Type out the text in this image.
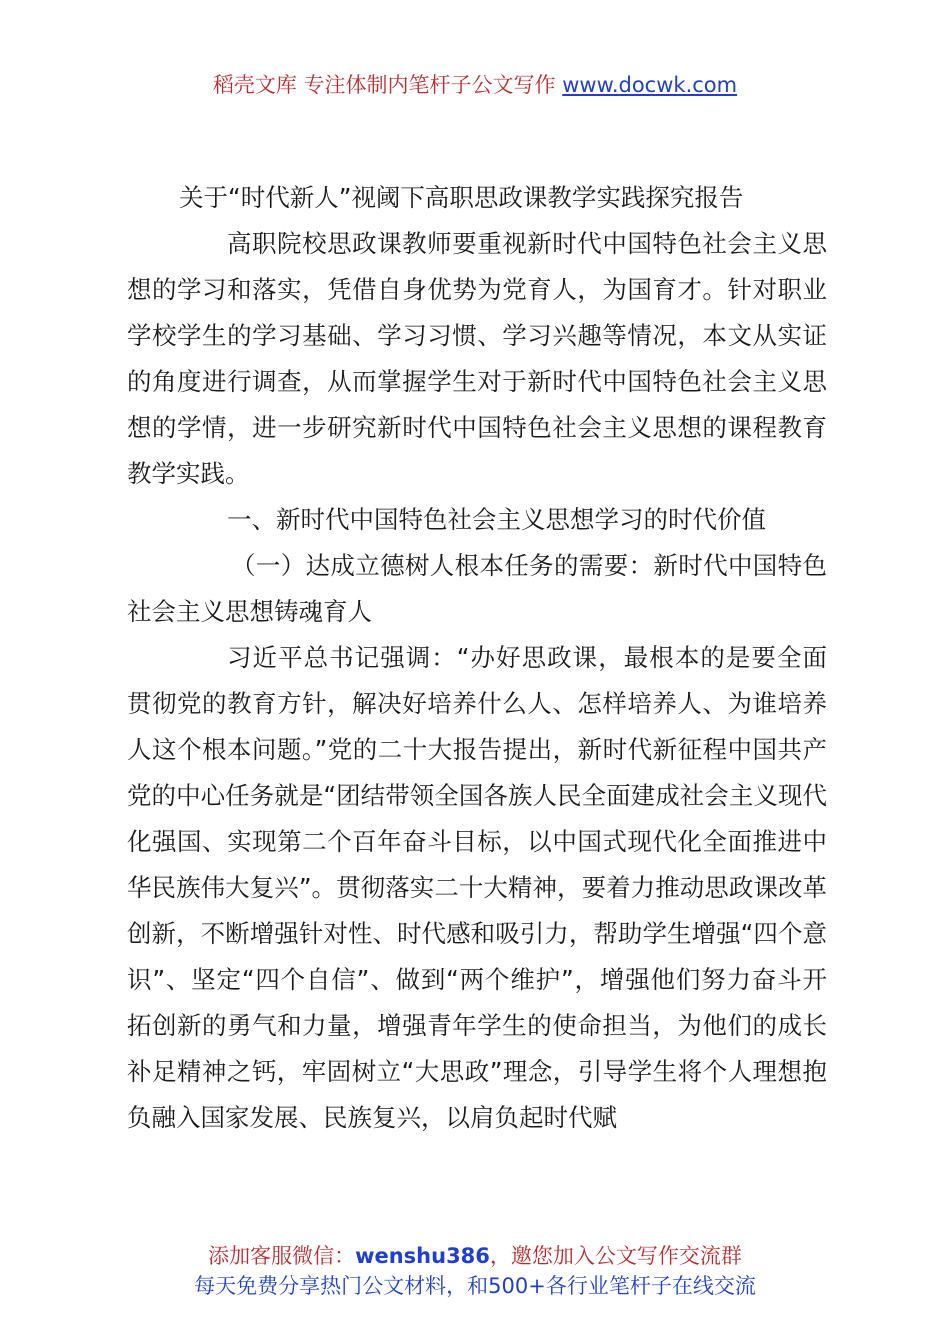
稻壳文库 专注体制内笔杆子公文写作 www.docwk.com

关于“时代新人”视阈下高职思政课教学实践探究报告

高职院校思政课教师要重视新时代中国特色社会主义思想的学习和落实，凭借自身优势为党育人，为国育才。针对职业学校学生的学习基础、学习习惯、学习兴趣等情况，本文从实证的角度进行调查，从而掌握学生对于新时代中国特色社会主义思想的学情，进一步研究新时代中国特色社会主义思想的课程教育教学实践。

一、新时代中国特色社会主义思想学习的时代价值

（一）达成立德树人根本任务的需要：新时代中国特色社会主义思想铸魂育人

习近平总书记强调：“办好思政课，最根本的是要全面贯彻党的教育方针，解决好培养什么人、怎样培养人、为谁培养人这个根本问题。”党的二十大报告提出，新时代新征程中国共产党的中心任务就是“团结带领全国各族人民全面建成社会主义现代化强国、实现第二个百年奋斗目标，以中国式现代化全面推进中华民族伟大复兴”。贯彻落实二十大精神，要着力推动思政课改革创新，不断增强针对性、时代感和吸引力，帮助学生增强“四个意识”、坚定“四个自信”、做到“两个维护”，增强他们努力奋斗开拓创新的勇气和力量，增强青年学生的使命担当，为他们的成长补足精神之钙，牢固树立“大思政”理念，引导学生将个人理想抱负融入国家发展、民族复兴，以肩负起时代赋

添加客服微信：wenshu386，邀您加入公文写作交流群
每天免费分享热门公文材料，和500+各行业笔杆子在线交流
